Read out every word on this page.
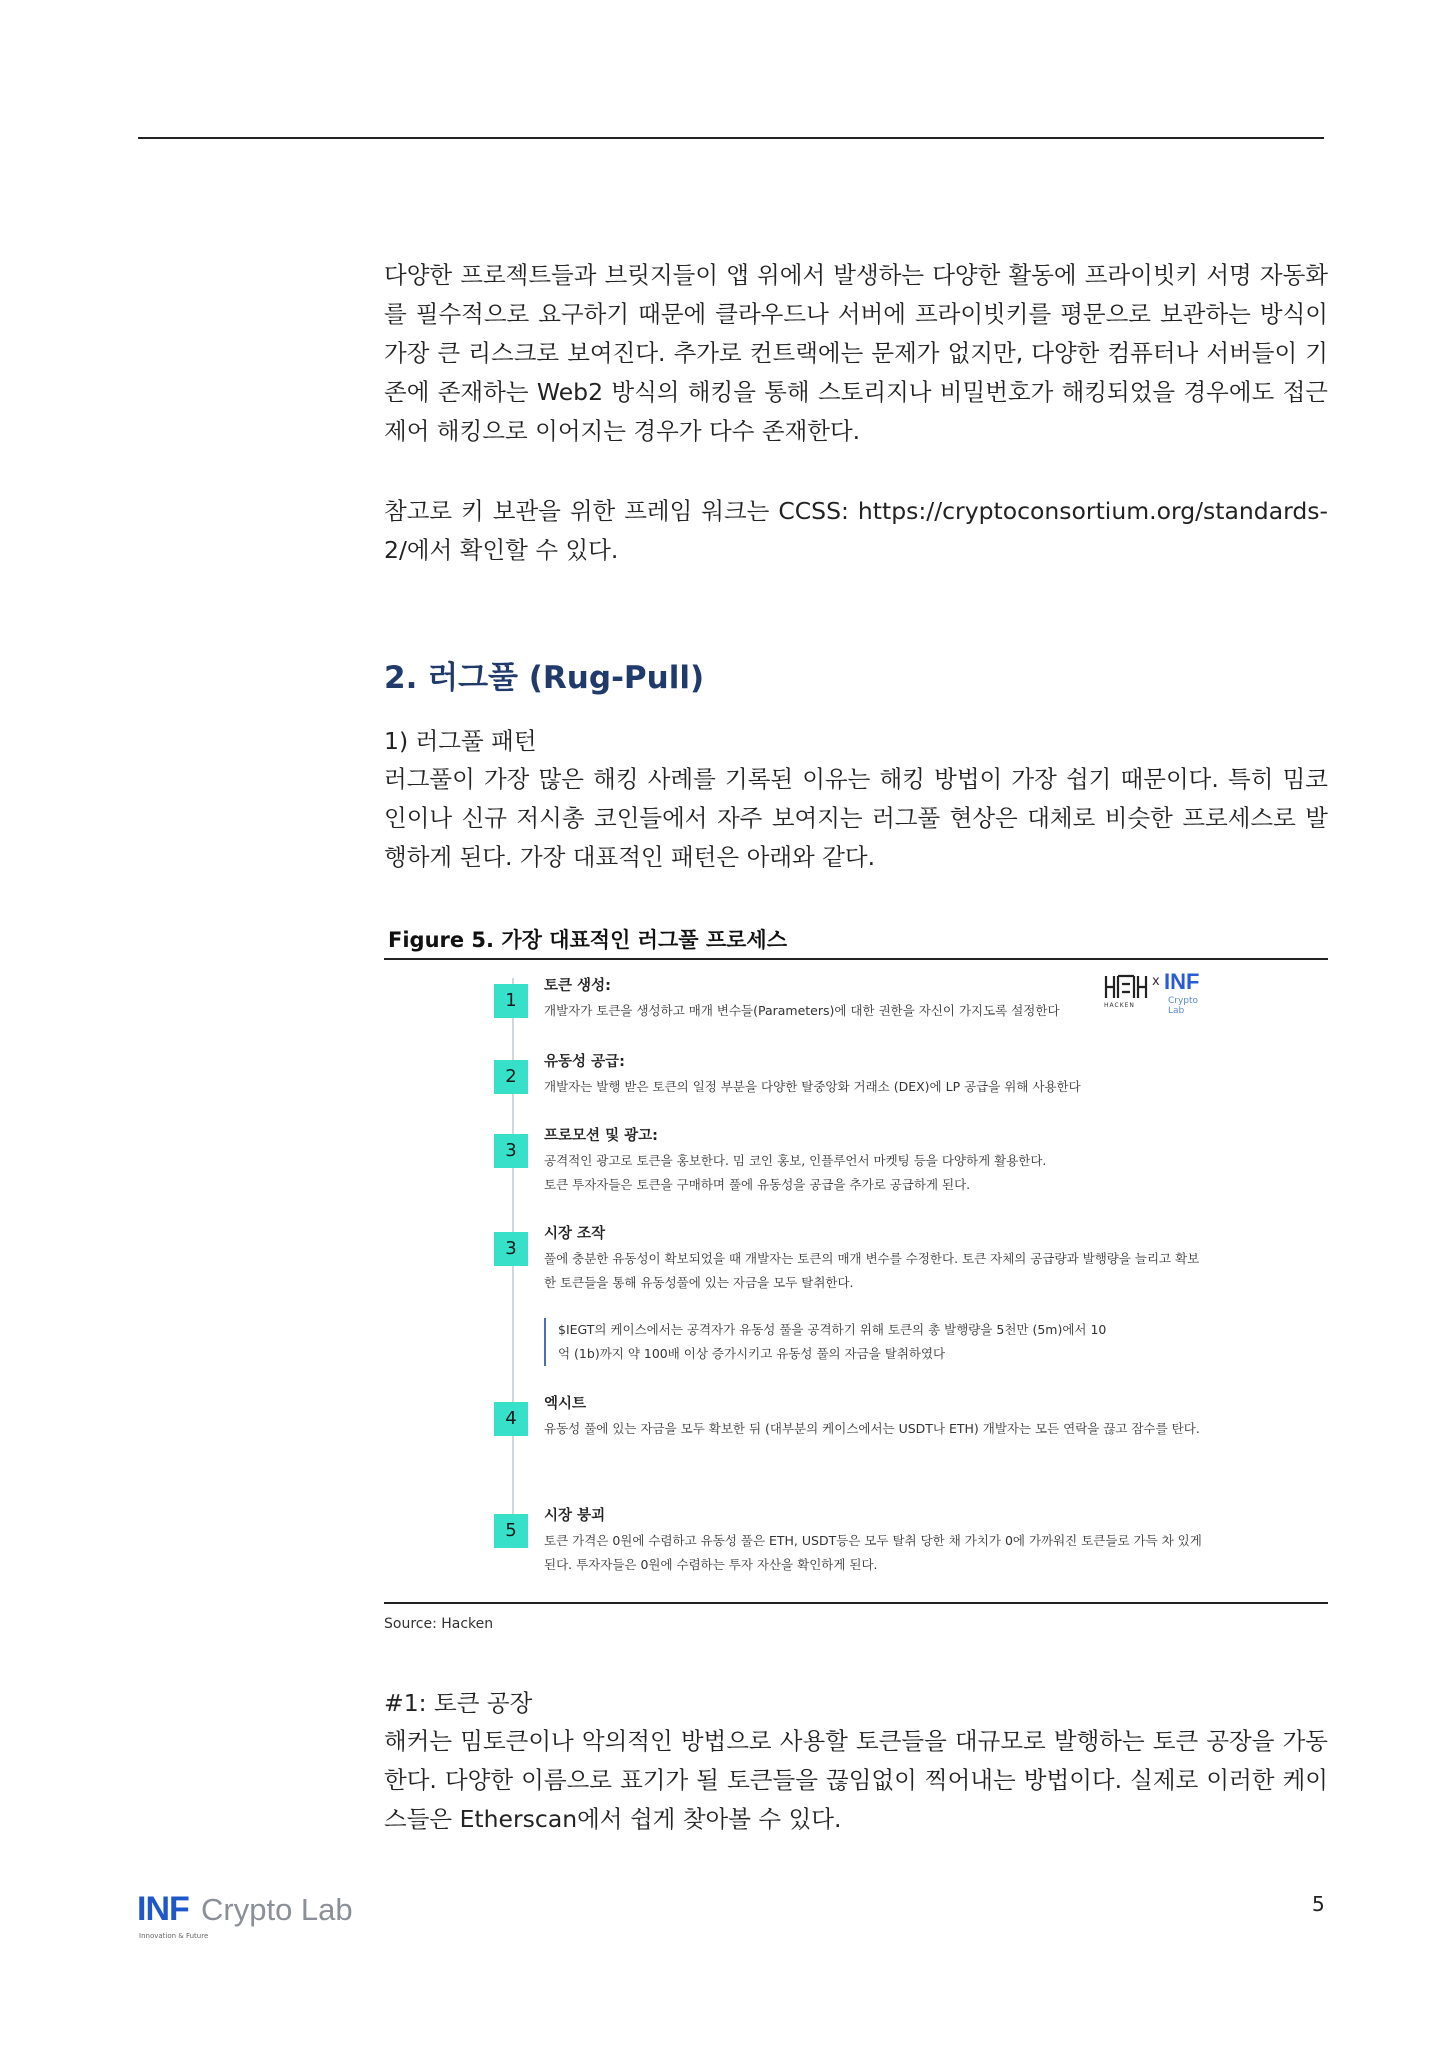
다양한 프로젝트들과 브릿지들이 앱 위에서 발생하는 다양한 활동에 프라이빗키 서명 자동화를 필수적으로 요구하기 때문에 클라우드나 서버에 프라이빗키를 평문으로 보관하는 방식이 가장 큰 리스크로 보여진다. 추가로 컨트랙에는 문제가 없지만, 다양한 컴퓨터나 서버들이 기존에 존재하는 Web2 방식의 해킹을 통해 스토리지나 비밀번호가 해킹되었을 경우에도 접근 제어 해킹으로 이어지는 경우가 다수 존재한다.

참고로 키 보관을 위한 프레임 워크는 CCSS: https://cryptoconsortium.org/standards-2/에서 확인할 수 있다.

2. 러그풀 (Rug-Pull)
1) 러그풀 패턴

러그풀이 가장 많은 해킹 사례를 기록된 이유는 해킹 방법이 가장 쉽기 때문이다. 특히 밈코인이나 신규 저시총 코인들에서 자주 보여지는 러그풀 현상은 대체로 비슷한 프로세스로 발행하게 된다. 가장 대표적인 패턴은 아래와 같다.

Figure 5. 가장 대표적인 러그풀 프로세스
HACKEN
x INF
Crypto Lab
1
토큰 생성:
개발자가 토큰을 생성하고 매개 변수들(Parameters)에 대한 권한을 자신이 가지도록 설정한다
2
유동성 공급:
개발자는 발행 받은 토큰의 일정 부분을 다양한 탈중앙화 거래소 (DEX)에 LP 공급을 위해 사용한다
3
프로모션 및 광고:
공격적인 광고로 토큰을 홍보한다. 밈 코인 홍보, 인플루언서 마켓팅 등을 다양하게 활용한다.
토큰 투자자들은 토큰을 구매하며 풀에 유동성을 공급을 추가로 공급하게 된다.
3
시장 조작
풀에 충분한 유동성이 확보되었을 때 개발자는 토큰의 매개 변수를 수정한다. 토큰 자체의 공급량과 발행량을 늘리고 확보한 토큰들을 통해 유동성풀에 있는 자금을 모두 탈취한다.
$IEGT의 케이스에서는 공격자가 유동성 풀을 공격하기 위해 토큰의 총 발행량을 5천만 (5m)에서 10억 (1b)까지 약 100배 이상 증가시키고 유동성 풀의 자금을 탈취하였다
4
엑시트
유동성 풀에 있는 자금을 모두 확보한 뒤 (대부분의 케이스에서는 USDT나 ETH) 개발자는 모든 연락을 끊고 잠수를 탄다.
5
시장 붕괴
토큰 가격은 0원에 수렴하고 유동성 풀은 ETH, USDT등은 모두 탈취 당한 채 가치가 0에 가까워진 토큰들로 가득 차 있게 된다. 투자자들은 0원에 수렴하는 투자 자산을 확인하게 된다.
Source: Hacken
#1: 토큰 공장

해커는 밈토큰이나 악의적인 방법으로 사용할 토큰들을 대규모로 발행하는 토큰 공장을 가동한다. 다양한 이름으로 표기가 될 토큰들을 끊임없이 찍어내는 방법이다. 실제로 이러한 케이스들은 Etherscan에서 쉽게 찾아볼 수 있다.

INF Crypto Lab
Innovation & Future
5
